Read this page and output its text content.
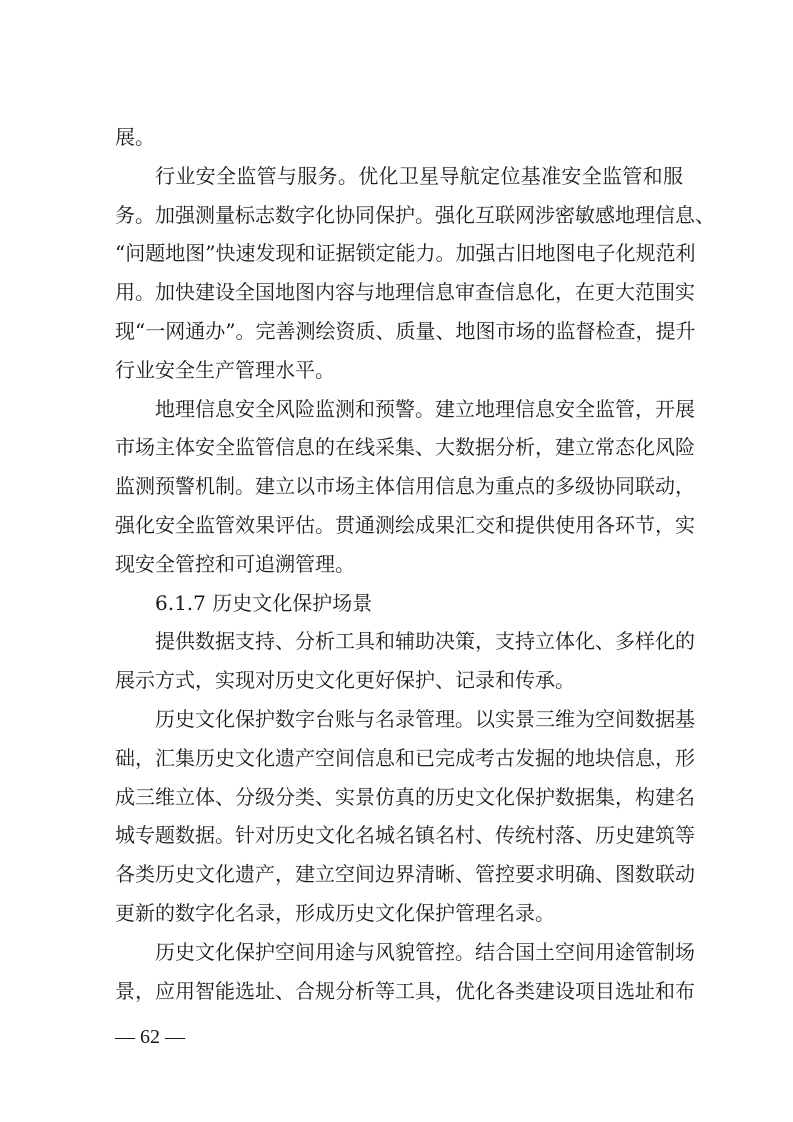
展。
行业安全监管与服务。优化卫星导航定位基准安全监管和服
务。加强测量标志数字化协同保护。强化互联网涉密敏感地理信息、
“问题地图”快速发现和证据锁定能力。加强古旧地图电子化规范利
用。加快建设全国地图内容与地理信息审查信息化，在更大范围实
现“一网通办”。完善测绘资质、质量、地图市场的监督检查，提升
行业安全生产管理水平。
地理信息安全风险监测和预警。建立地理信息安全监管，开展
市场主体安全监管信息的在线采集、大数据分析，建立常态化风险
监测预警机制。建立以市场主体信用信息为重点的多级协同联动，
强化安全监管效果评估。贯通测绘成果汇交和提供使用各环节，实
现安全管控和可追溯管理。
6.1.7 历史文化保护场景
提供数据支持、分析工具和辅助决策，支持立体化、多样化的
展示方式，实现对历史文化更好保护、记录和传承。
历史文化保护数字台账与名录管理。以实景三维为空间数据基
础，汇集历史文化遗产空间信息和已完成考古发掘的地块信息，形
成三维立体、分级分类、实景仿真的历史文化保护数据集，构建名
城专题数据。针对历史文化名城名镇名村、传统村落、历史建筑等
各类历史文化遗产，建立空间边界清晰、管控要求明确、图数联动
更新的数字化名录，形成历史文化保护管理名录。
历史文化保护空间用途与风貌管控。结合国土空间用途管制场
景，应用智能选址、合规分析等工具，优化各类建设项目选址和布
— 62 —
